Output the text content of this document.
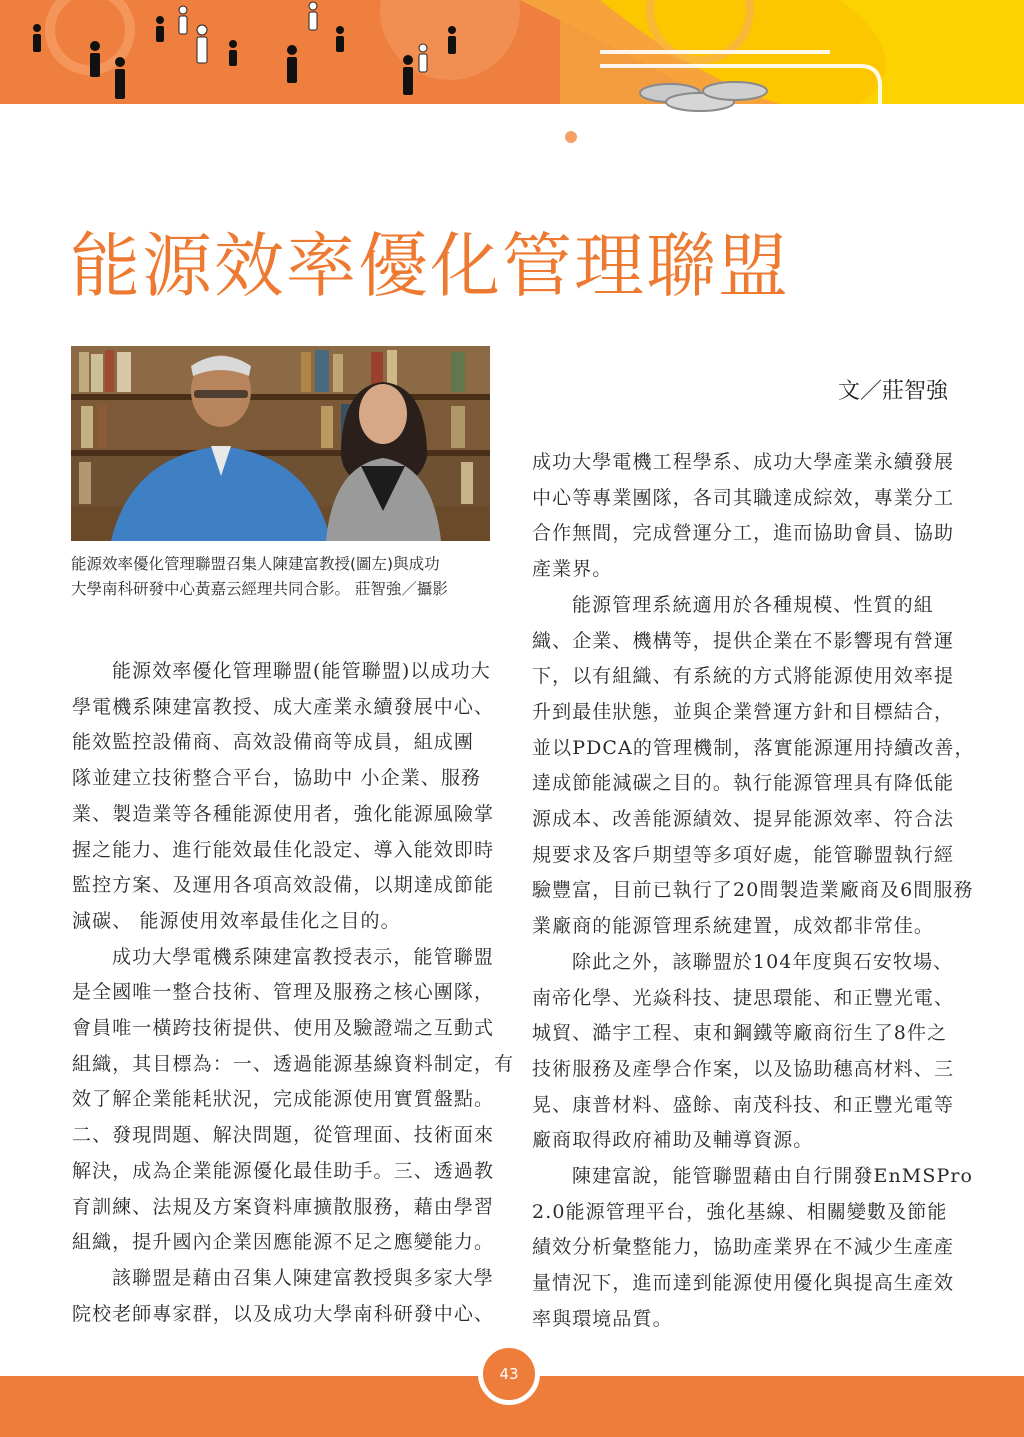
能源效率優化管理聯盟

能源效率優化管理聯盟召集人陳建富教授(圖左)與成功

大學南科研發中心黃嘉云經理共同合影。 莊智強／攝影

文／莊智強
能源效率優化管理聯盟(能管聯盟)以成功大
學電機系陳建富教授、成大產業永續發展中心、
能效監控設備商、高效設備商等成員，組成團
隊並建立技術整合平台，協助中 小企業、服務
業、製造業等各種能源使用者，強化能源風險掌
握之能力、進行能效最佳化設定、導入能效即時
監控方案、及運用各項高效設備，以期達成節能
減碳、 能源使用效率最佳化之目的。
成功大學電機系陳建富教授表示，能管聯盟
是全國唯一整合技術、管理及服務之核心團隊，
會員唯一橫跨技術提供、使用及驗證端之互動式
組織，其目標為：一、透過能源基線資料制定，有
效了解企業能耗狀況，完成能源使用實質盤點。
二、發現問題、解決問題，從管理面、技術面來
解決，成為企業能源優化最佳助手。三、透過教
育訓練、法規及方案資料庫擴散服務，藉由學習
組織，提升國內企業因應能源不足之應變能力。
該聯盟是藉由召集人陳建富教授與多家大學
院校老師專家群，以及成功大學南科研發中心、
成功大學電機工程學系、成功大學產業永續發展
中心等專業團隊，各司其職達成綜效，專業分工
合作無間，完成營運分工，進而協助會員、協助
產業界。
能源管理系統適用於各種規模、性質的組
織、企業、機構等，提供企業在不影響現有營運
下，以有組織、有系統的方式將能源使用效率提
升到最佳狀態，並與企業營運方針和目標結合，
並以PDCA的管理機制，落實能源運用持續改善，
達成節能減碳之目的。執行能源管理具有降低能
源成本、改善能源績效、提昇能源效率、符合法
規要求及客戶期望等多項好處，能管聯盟執行經
驗豐富，目前已執行了20間製造業廠商及6間服務
業廠商的能源管理系統建置，成效都非常佳。
除此之外，該聯盟於104年度與石安牧場、
南帝化學、光焱科技、捷思環能、和正豐光電、
城貿、澔宇工程、東和鋼鐵等廠商衍生了8件之
技術服務及產學合作案，以及協助穗高材料、三
晃、康普材料、盛餘、南茂科技、和正豐光電等
廠商取得政府補助及輔導資源。
陳建富說，能管聯盟藉由自行開發EnMSPro
2.0能源管理平台，強化基線、相關變數及節能
績效分析彙整能力，協助產業界在不減少生產產
量情況下，進而達到能源使用優化與提高生產效
率與環境品質。
43
